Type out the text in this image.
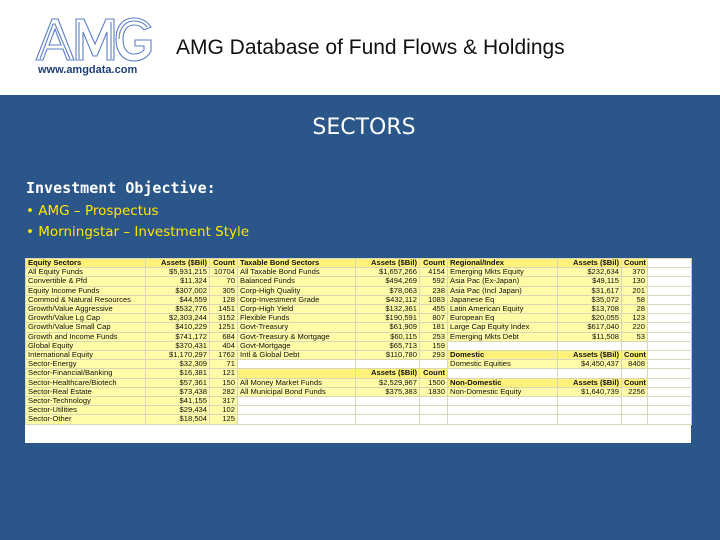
www.amgdata.com
AMG Database of Fund Flows & Holdings
SECTORS
Investment Objective:
• AMG – Prospectus
• Morningstar – Investment Style
Equity Sectors	Assets ($Bil)	Count	Taxable Bond Sectors	Assets ($Bil)	Count	Regional/Index	Assets ($Bil)	Count	
All Equity Funds	$5,931,215	10704	All Taxable Bond Funds	$1,657,266	4154	Emerging Mkts Equity	$232,634	370	
Convertible & Pfd	$11,324	70	Balanced Funds	$494,269	592	Asia Pac (Ex-Japan)	$49,115	130	
Equity Income Funds	$307,002	305	Corp-High Quality	$78,063	238	Asia Pac (Incl Japan)	$31,617	201	
Commod & Natural Resources	$44,559	128	Corp-Investment Grade	$432,112	1083	Japanese Eq	$35,072	58	
Growth/Value Aggressive	$532,776	1451	Corp-High Yield	$132,361	455	Latin American Equity	$13,708	28	
Growth/Value Lg Cap	$2,303,244	3152	Flexible Funds	$190,591	807	European Eq	$20,055	123	
Growth/Value Small Cap	$410,229	1251	Govt-Treasury	$61,909	181	Large Cap Equity Index	$617,040	220	
Growth and Income Funds	$741,172	684	Govt-Treasury & Mortgage	$60,115	253	Emerging Mkts Debt	$11,508	53	
Global Equity	$370,431	404	Govt-Mortgage	$65,713	159				
International Equity	$1,170,297	1762	Intl & Global Debt	$110,780	293	Domestic	Assets ($Bil)	Count	
Sector-Energy	$32,309	71				Domestic Equities	$4,450,437	8408	
Sector-Financial/Banking	$16,381	121		Assets ($Bil)	Count				
Sector-Healthcare/Biotech	$57,361	150	All Money Market Funds	$2,529,967	1500	Non-Domestic	Assets ($Bil)	Count	
Sector-Real Estate	$73,438	282	All Municipal Bond Funds	$375,383	1830	Non-Domestic Equity	$1,640,739	2256	
Sector-Technology	$41,155	317							
Sector-Utilities	$29,434	102							
Sector-Other	$18,504	125							
